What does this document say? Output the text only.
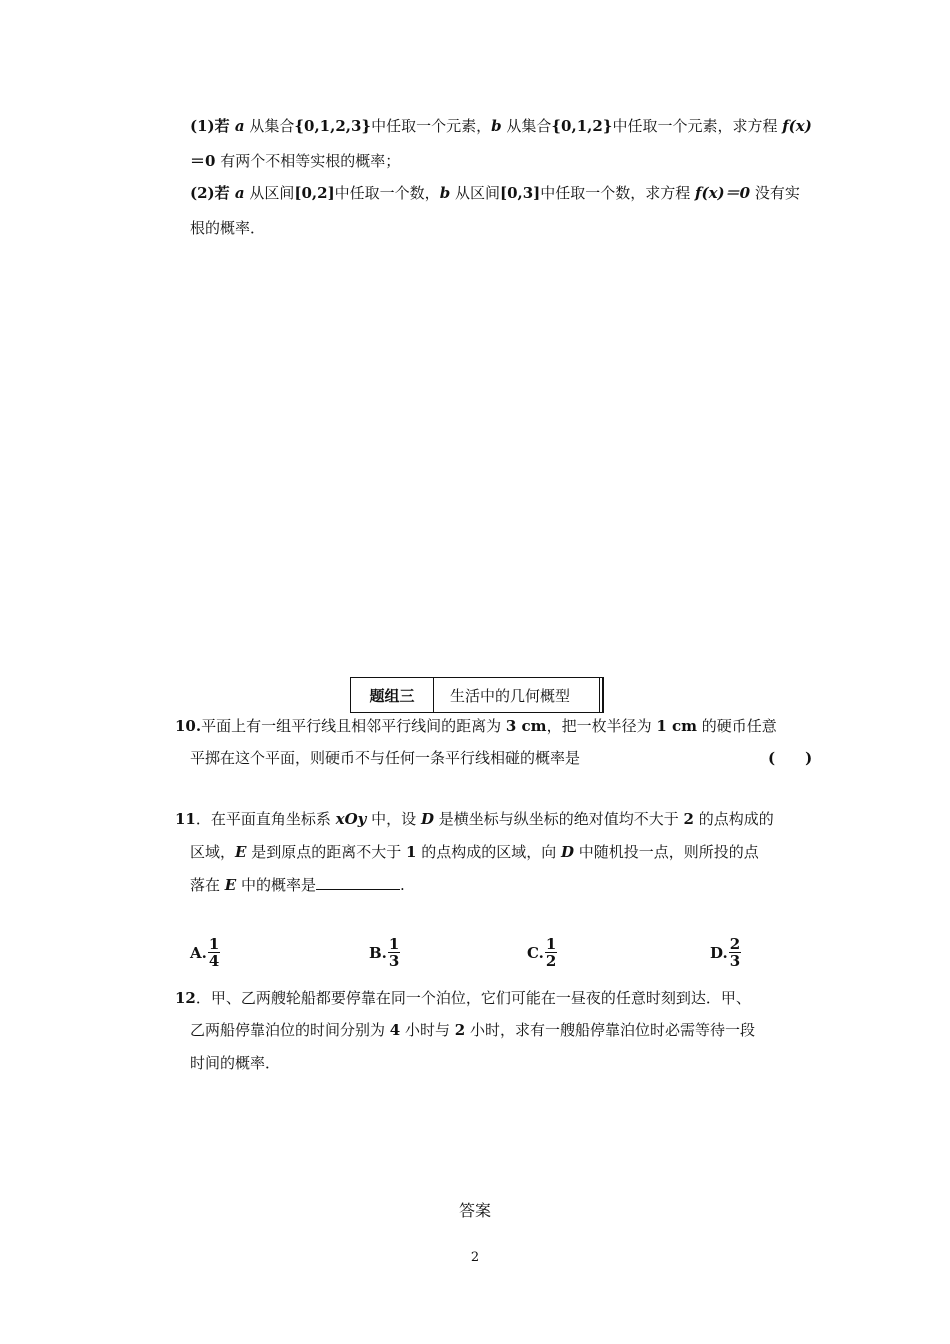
(1)若 a 从集合{0,1,2,3}中任取一个元素，b 从集合{0,1,2}中任取一个元素，求方程 f(x)
＝0 有两个不相等实根的概率；
(2)若 a 从区间[0,2]中任取一个数，b 从区间[0,3]中任取一个数，求方程 f(x)＝0 没有实
根的概率．
题组三	生活中的几何概型
10.平面上有一组平行线且相邻平行线间的距离为 3 cm，把一枚半径为 1 cm 的硬币任意
平掷在这个平面，则硬币不与任何一条平行线相碰的概率是	(　　)
11．在平面直角坐标系 xOy 中，设 D 是横坐标与纵坐标的绝对值均不大于 2 的点构成的
区域，E 是到原点的距离不大于 1 的点构成的区域，向 D 中随机投一点，则所投的点
落在 E 中的概率是	.
A. $\frac{1}{4}$	B. $\frac{1}{3}$	C. $\frac{1}{2}$	D. $\frac{2}{3}$
12．甲、乙两艘轮船都要停靠在同一个泊位，它们可能在一昼夜的任意时刻到达．甲、
乙两船停靠泊位的时间分别为 4 小时与 2 小时，求有一艘船停靠泊位时必需等待一段
时间的概率．
答案
2
